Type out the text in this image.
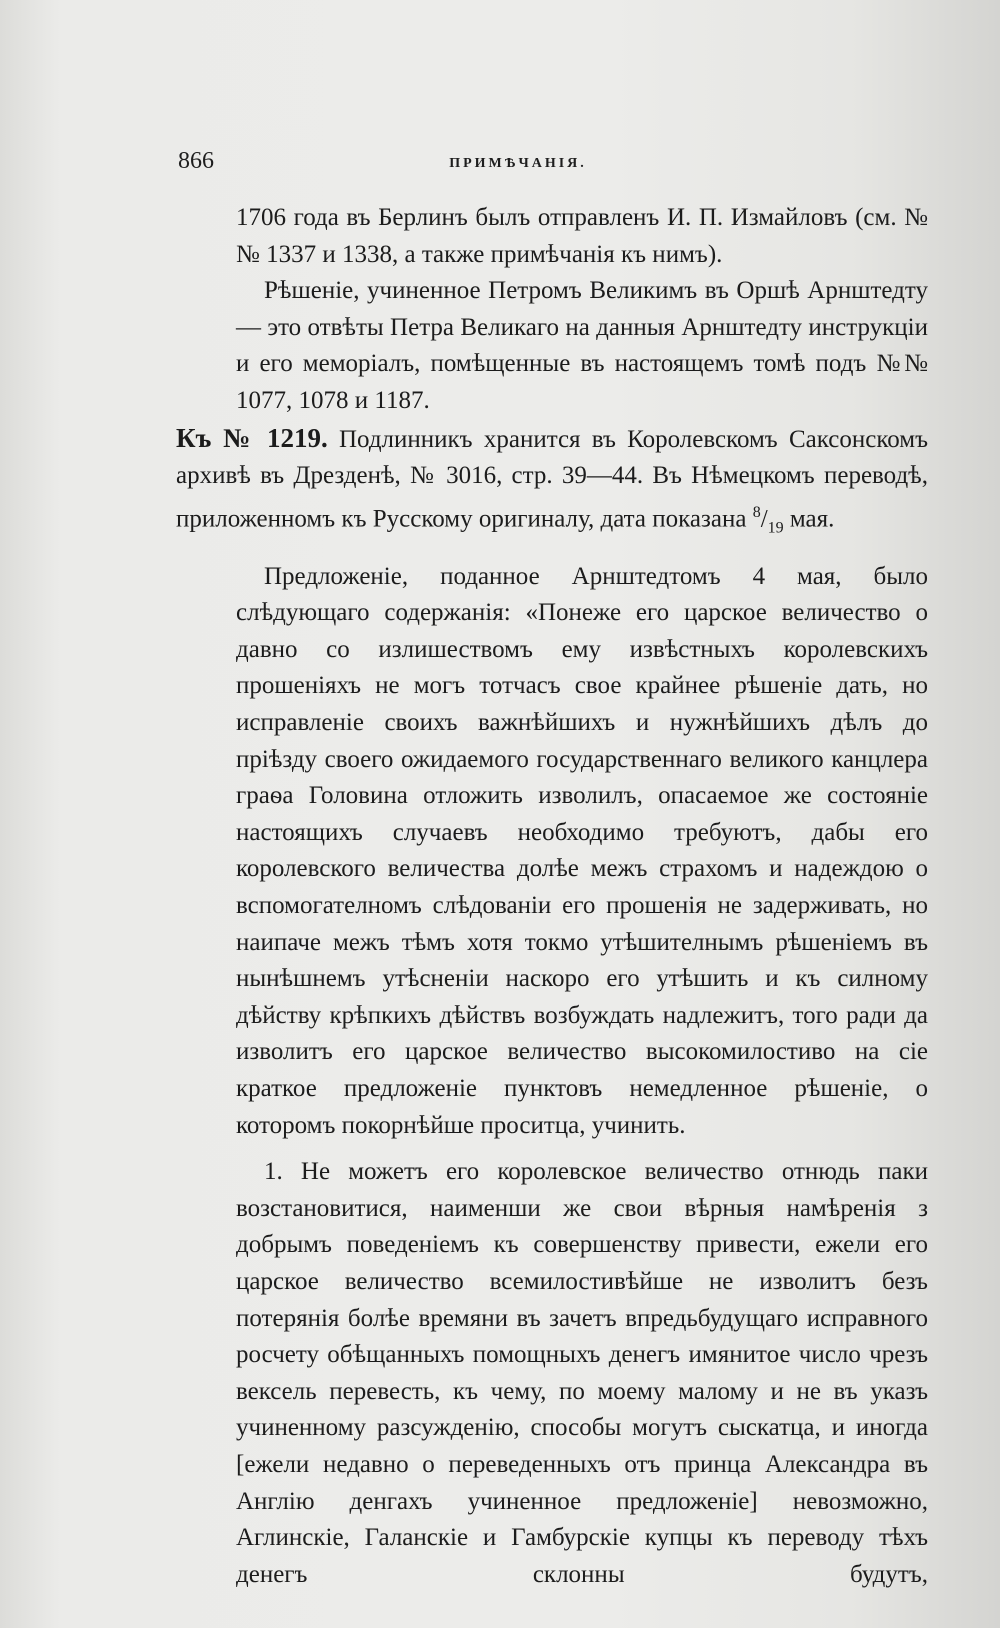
866	ПРИМѢЧАНІЯ.

1706 года въ Берлинъ былъ отправленъ И. П. Измайловъ (см. №№ 1337 и 1338, а также примѣчанія къ нимъ).

Рѣшеніе, учиненное Петромъ Великимъ въ Оршѣ Арнштедту — это отвѣты Петра Великаго на данныя Арнштедту инструкціи и его меморіалъ, помѣщенные въ настоящемъ томѣ подъ №№ 1077, 1078 и 1187.

Къ № 1219. Подлинникъ хранится въ Королевскомъ Саксонскомъ архивѣ въ Дрезденѣ, № 3016, стр. 39—44. Въ Нѣмецкомъ переводѣ, приложенномъ къ Русскому оригиналу, дата показана $^8/_{19}$ мая.

Предложеніе, поданное Арнштедтомъ 4 мая, было слѣдующаго содержанія: «Понеже его царское величество о давно со излишествомъ ему извѣстныхъ королевскихъ прошеніяхъ не могъ тотчасъ свое крайнее рѣшеніе дать, но исправленіе своихъ важнѣйшихъ и нужнѣйшихъ дѣлъ до пріѣзду своего ожидаемого государственнаго великого канцлера граѳа Головина отложить изволилъ, опасаемое же состояніе настоящихъ случаевъ необходимо требуютъ, дабы его королевского величества долѣе межъ страхомъ и надеждою о вспомогателномъ слѣдованіи его прошенія не задерживать, но наипаче межъ тѣмъ хотя токмо утѣшителнымъ рѣшеніемъ въ нынѣшнемъ утѣсненіи наскоро его утѣшить и къ силному дѣйству крѣпкихъ дѣйствъ возбуждать надлежитъ, того ради да изволитъ его царское величество высокомилостиво на сіе краткое предложеніе пунктовъ немедленное рѣшеніе, о которомъ покорнѣйше проситца, учинить.

1. Не можетъ его королевское величество отнюдь паки возстановитися, наименши же свои вѣрныя намѣренія з добрымъ поведеніемъ къ совершенству привести, ежели его царское величество всемилостивѣйше не изволитъ безъ потерянія болѣе времяни въ зачетъ впредьбудущаго исправного росчету обѣщанныхъ помощныхъ денегъ имянитое число чрезъ вексель перевесть, къ чему, по моему малому и не въ указъ учиненному разсужденію, способы могутъ сыскатца, и иногда [ежели недавно о переведенныхъ отъ принца Александра въ Англію денгахъ учиненное предложеніе] невозможно, Аглинскіе, Галанскіе и Гамбурскіе купцы къ переводу тѣхъ денегъ склонны будутъ,
